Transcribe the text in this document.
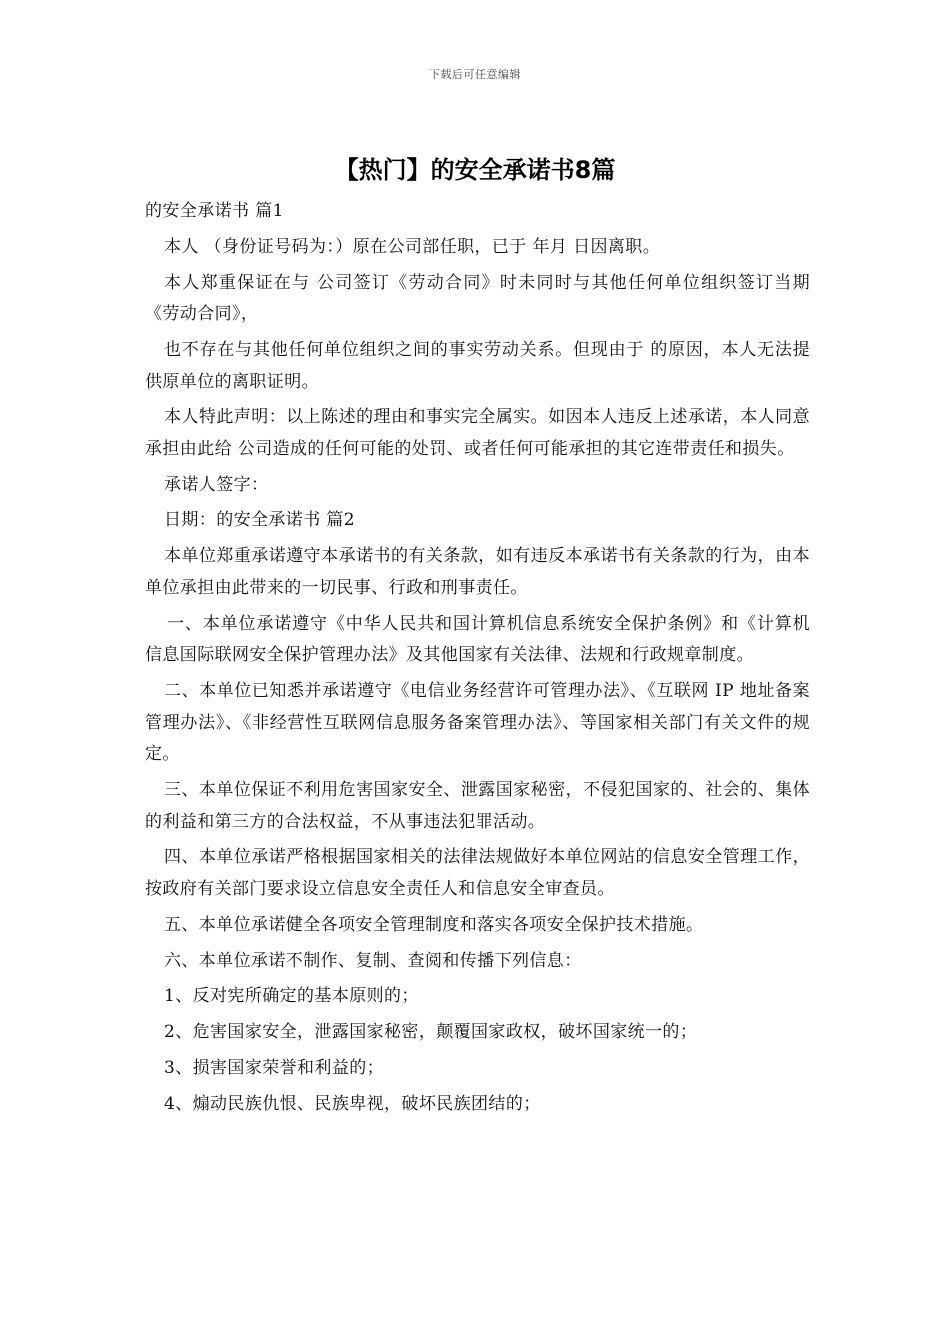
下载后可任意编辑
【热门】的安全承诺书8篇

的安全承诺书 篇1

本人 （身份证号码为：）原在公司部任职，已于 年月 日因离职。

本人郑重保证在与 公司签订《劳动合同》时未同时与其他任何单位组织签订当期《劳动合同》，

也不存在与其他任何单位组织之间的事实劳动关系。但现由于 的原因，本人无法提供原单位的离职证明。

本人特此声明：以上陈述的理由和事实完全属实。如因本人违反上述承诺，本人同意承担由此给 公司造成的任何可能的处罚、或者任何可能承担的其它连带责任和损失。

承诺人签字：

日期：的安全承诺书 篇2

本单位郑重承诺遵守本承诺书的有关条款，如有违反本承诺书有关条款的行为，由本单位承担由此带来的一切民事、行政和刑事责任。

一、本单位承诺遵守《中华人民共和国计算机信息系统安全保护条例》和《计算机信息国际联网安全保护管理办法》及其他国家有关法律、法规和行政规章制度。

二、本单位已知悉并承诺遵守《电信业务经营许可管理办法》、《互联网 IP 地址备案管理办法》、《非经营性互联网信息服务备案管理办法》、等国家相关部门有关文件的规定。

三、本单位保证不利用危害国家安全、泄露国家秘密，不侵犯国家的、社会的、集体的利益和第三方的合法权益，不从事违法犯罪活动。

四、本单位承诺严格根据国家相关的法律法规做好本单位网站的信息安全管理工作，按政府有关部门要求设立信息安全责任人和信息安全审查员。

五、本单位承诺健全各项安全管理制度和落实各项安全保护技术措施。

六、本单位承诺不制作、复制、查阅和传播下列信息：

1、反对宪所确定的基本原则的；

2、危害国家安全，泄露国家秘密，颠覆国家政权，破坏国家统一的；

3、损害国家荣誉和利益的；

4、煽动民族仇恨、民族卑视，破坏民族团结的；
